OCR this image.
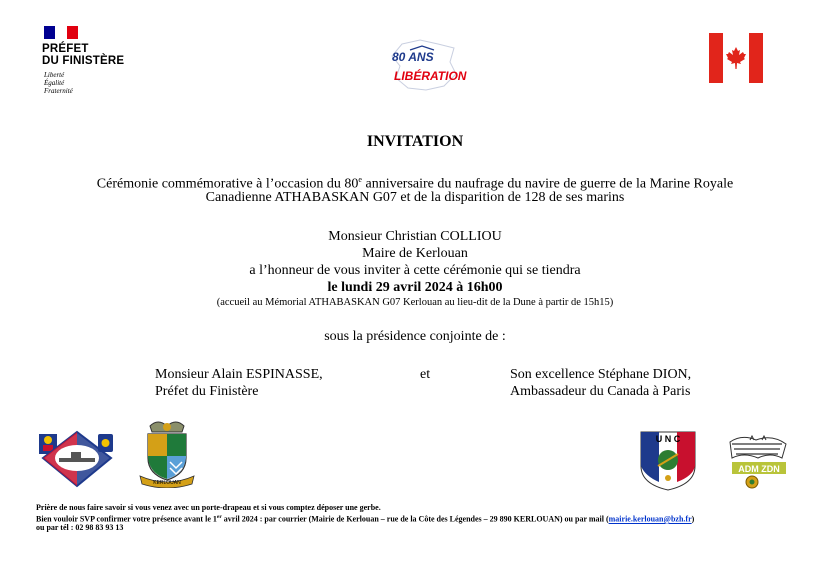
PRÉFET
DU FINISTÈRE
Liberté
Égalité
Fraternité
80 ANS
LIBÉRATION
INVITATION
Cérémonie commémorative à l’occasion du 80e anniversaire du naufrage du navire de guerre de la Marine Royale
Canadienne ATHABASKAN G07 et de la disparition de 128 de ses marins
Monsieur Christian COLLIOU
Maire de Kerlouan
a l’honneur de vous inviter à cette cérémonie qui se tiendra
le lundi 29 avril 2024 à 16h00
(accueil au Mémorial ATHABASKAN G07 Kerlouan au lieu-dit de la Dune à partir de 15h15)
sous la présidence conjointe de :
Monsieur Alain ESPINASSE,
Préfet du Finistère
et	Son excellence Stéphane DION,
Ambassadeur du Canada à Paris
KERLOUAN
U N C
ADM ZDN
Prière de nous faire savoir si vous venez avec un porte-drapeau et si vous comptez déposer une gerbe.
Bien vouloir SVP confirmer votre présence avant le 1er avril 2024 : par courrier (Mairie de Kerlouan – rue de la Côte des Légendes – 29 890 KERLOUAN) ou par mail (mairie.kerlouan@bzh.fr)
ou par tél : 02 98 83 93 13
